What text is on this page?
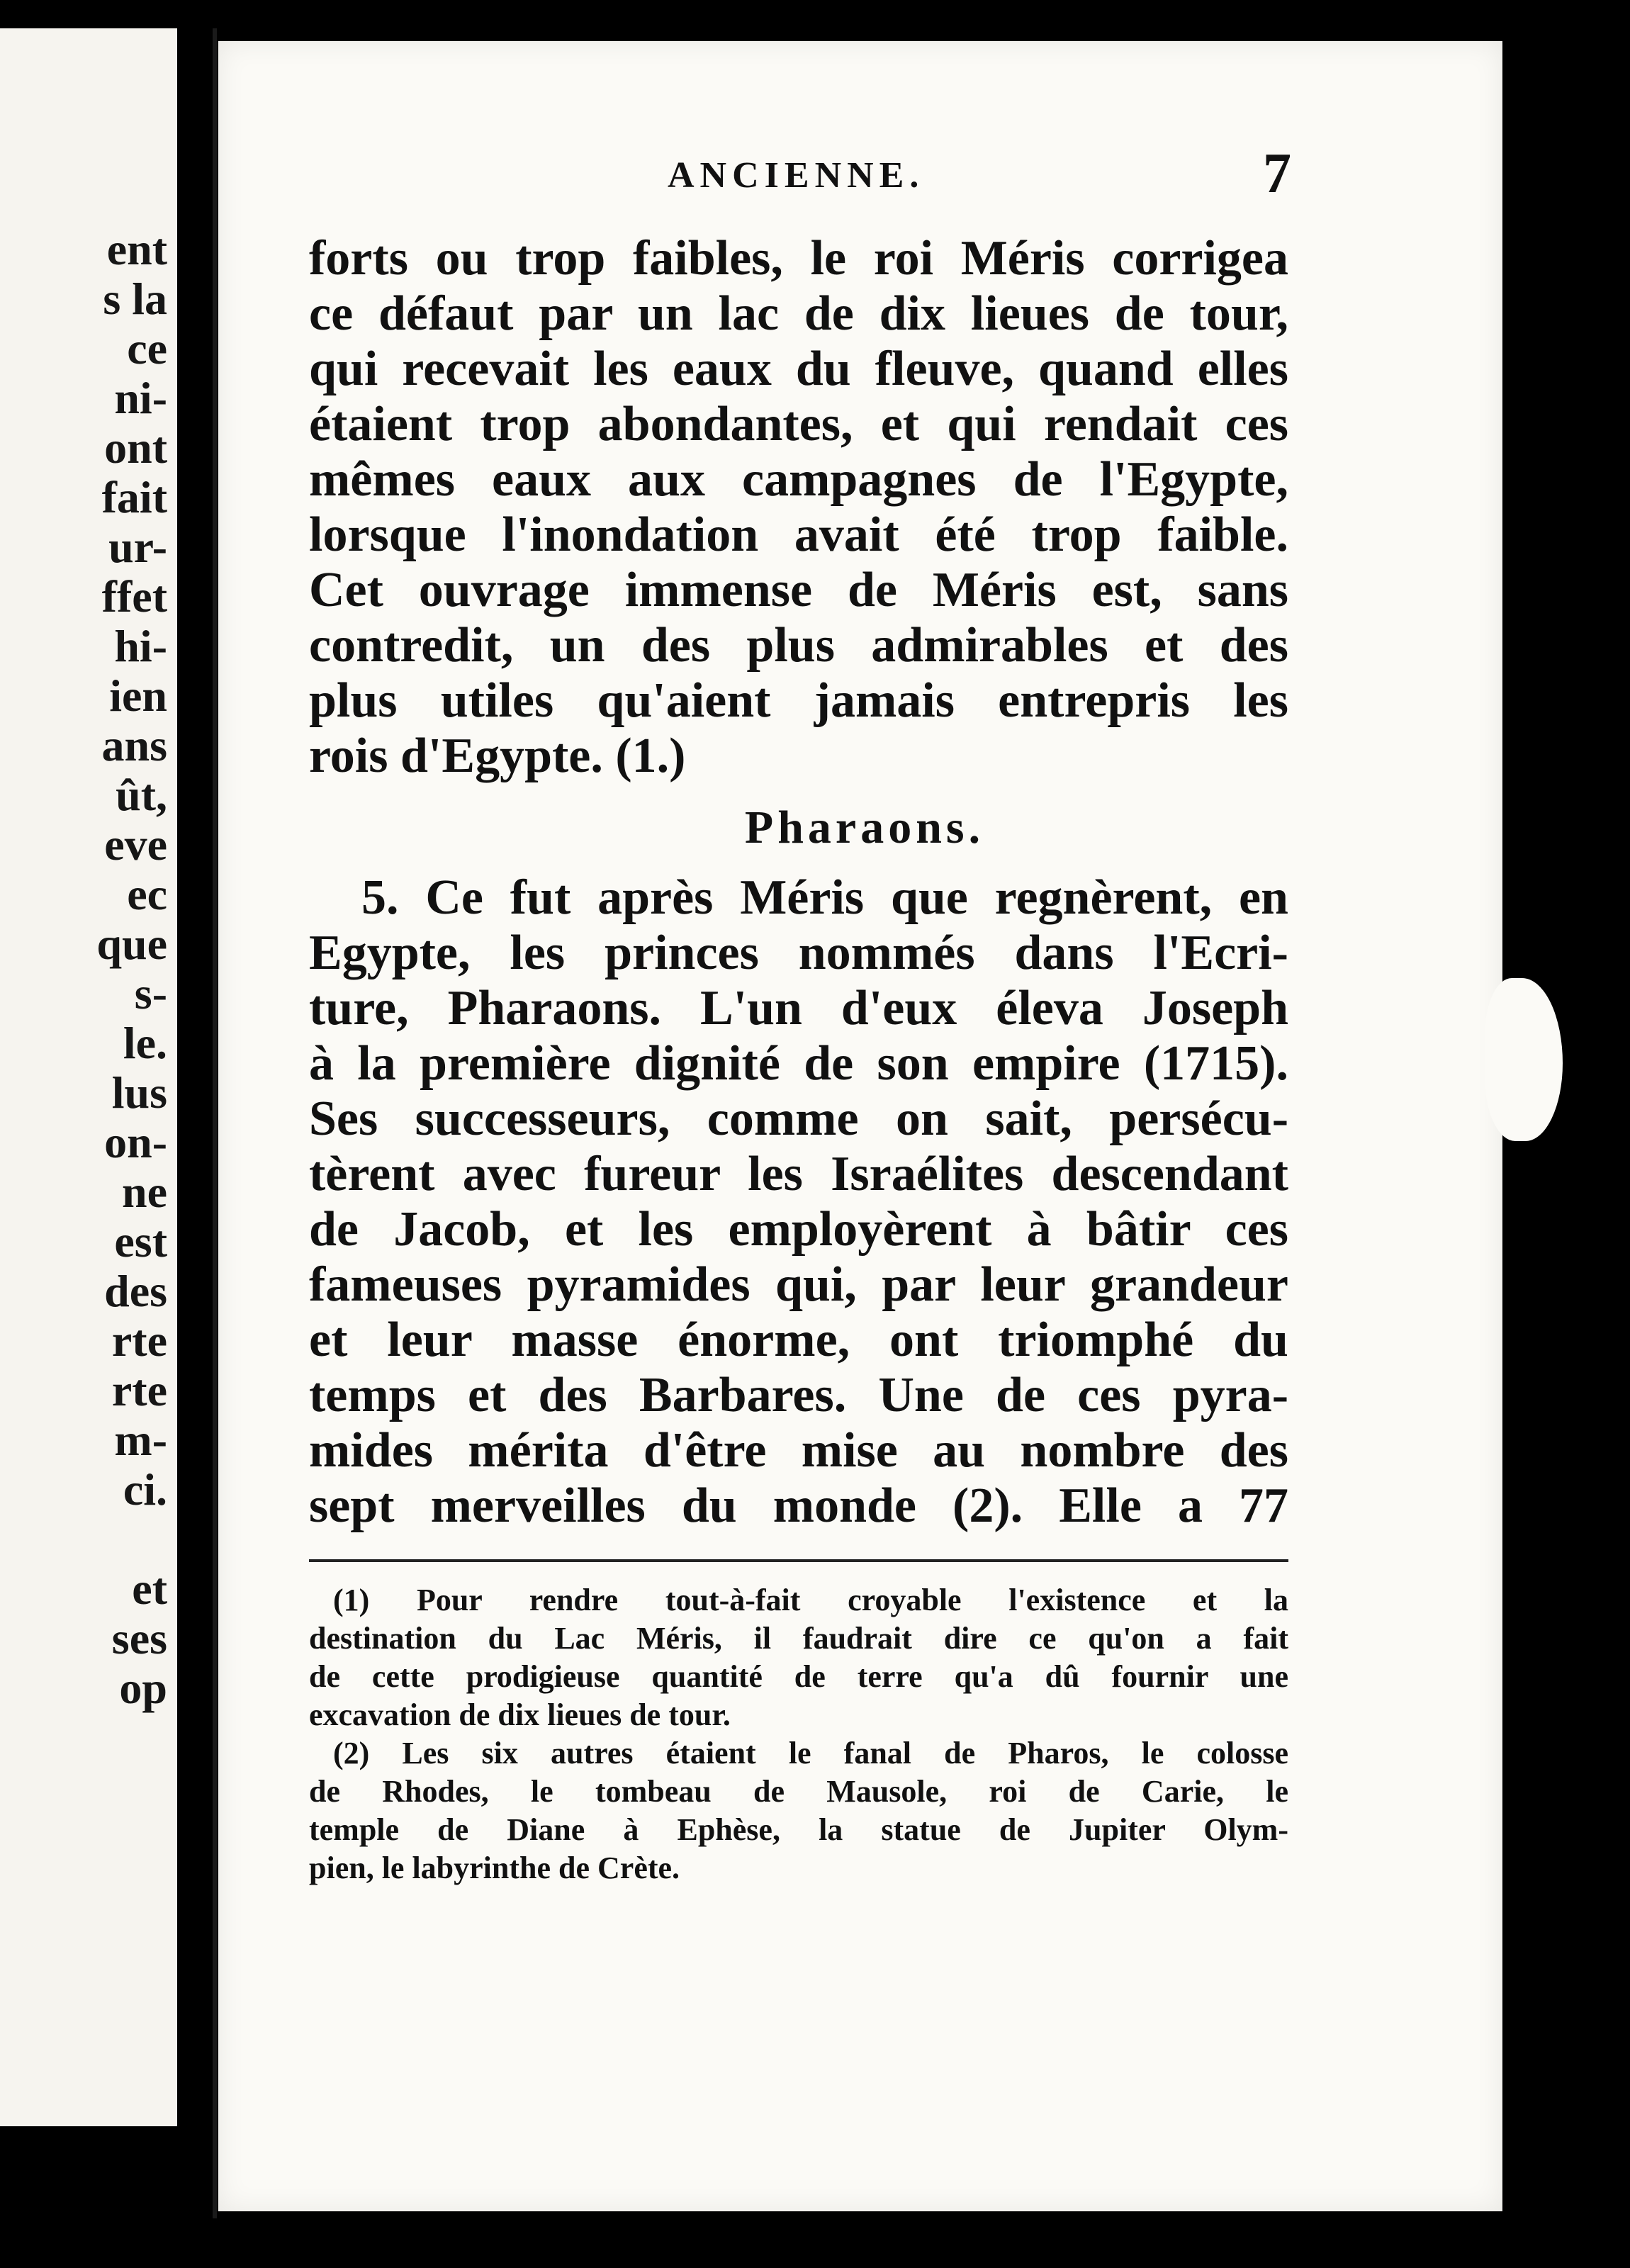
ent
s la
ce
ni-
ont
fait
ur-
ffet
hi-
ien
ans
ût,
eve
ec
que
s-
le.
lus
on-
ne
est
des
rte
rte
m-
ci.
et
ses
op
ANCIENNE.	7
forts ou trop faibles, le roi Méris corrigea
ce défaut par un lac de dix lieues de tour,
qui recevait les eaux du fleuve, quand elles
étaient trop abondantes, et qui rendait ces
mêmes eaux aux campagnes de l'Egypte,
lorsque l'inondation avait été trop faible.
Cet ouvrage immense de Méris est, sans
contredit, un des plus admirables et des
plus utiles qu'aient jamais entrepris les
rois d'Egypte. (1.)
Pharaons.
5. Ce fut après Méris que regnèrent, en
Egypte, les princes nommés dans l'Ecri-
ture, Pharaons. L'un d'eux éleva Joseph
à la première dignité de son empire (1715).
Ses successeurs, comme on sait, persécu-
tèrent avec fureur les Israélites descendant
de Jacob, et les employèrent à bâtir ces
fameuses pyramides qui, par leur grandeur
et leur masse énorme, ont triomphé du
temps et des Barbares. Une de ces pyra-
mides mérita d'être mise au nombre des
sept merveilles du monde (2). Elle a 77
(1) Pour rendre tout-à-fait croyable l'existence et la
destination du Lac Méris, il faudrait dire ce qu'on a fait
de cette prodigieuse quantité de terre qu'a dû fournir une
excavation de dix lieues de tour.
(2) Les six autres étaient le fanal de Pharos, le colosse
de Rhodes, le tombeau de Mausole, roi de Carie, le
temple de Diane à Ephèse, la statue de Jupiter Olym-
pien, le labyrinthe de Crète.
